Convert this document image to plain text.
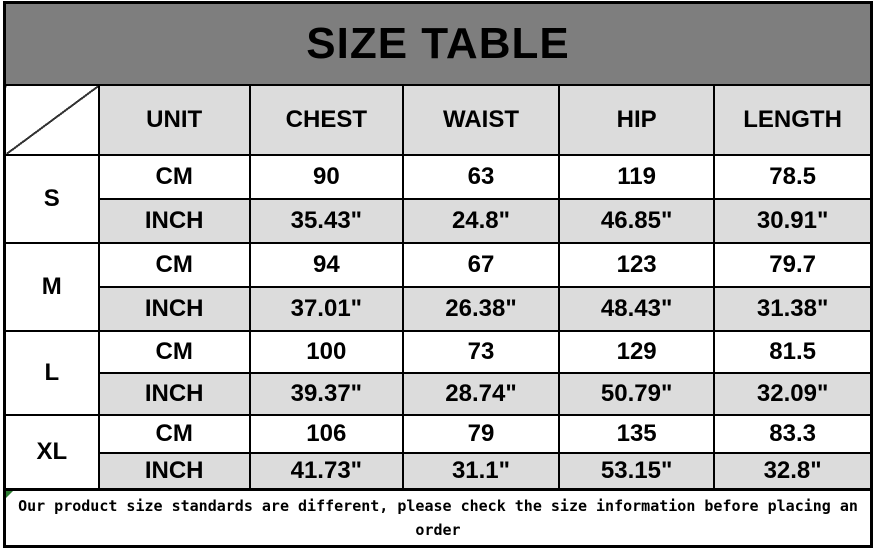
SIZE TABLE					
	UNIT	CHEST	WAIST	HIP	LENGTH
S	CM	90	63	119	78.5
	INCH	35.43"	24.8"	46.85"	30.91"
M	CM	94	67	123	79.7
	INCH	37.01"	26.38"	48.43"	31.38"
L	CM	100	73	129	81.5
	INCH	39.37"	28.74"	50.79"	32.09"
XL	CM	106	79	135	83.3
	INCH	41.73"	31.1"	53.15"	32.8"
Our product size standards are different, please check the size information before placing an order
